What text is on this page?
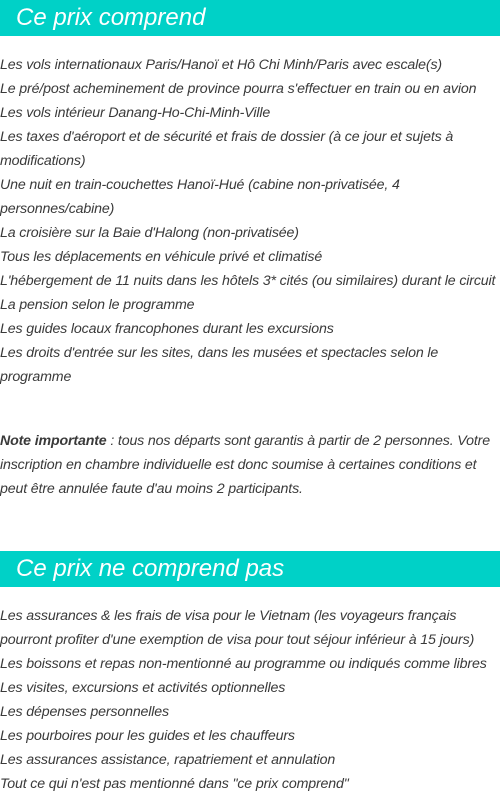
Ce prix comprend
Les vols internationaux Paris/Hanoï et Hô Chi Minh/Paris avec escale(s)
Le pré/post acheminement de province pourra s'effectuer en train ou en avion
Les vols intérieur Danang-Ho-Chi-Minh-Ville
Les taxes d'aéroport et de sécurité et frais de dossier (à ce jour et sujets à modifications)
Une nuit en train-couchettes Hanoï-Hué (cabine non-privatisée, 4 personnes/cabine)
La croisière sur la Baie d'Halong (non-privatisée)
Tous les déplacements en véhicule privé et climatisé
L'hébergement de 11 nuits dans les hôtels 3* cités (ou similaires) durant le circuit
La pension selon le programme
Les guides locaux francophones durant les excursions
Les droits d'entrée sur les sites, dans les musées et spectacles selon le programme

Note importante : tous nos départs sont garantis à partir de 2 personnes. Votre inscription en chambre individuelle est donc soumise à certaines conditions et peut être annulée faute d'au moins 2 participants.

Ce prix ne comprend pas
Les assurances & les frais de visa pour le Vietnam (les voyageurs français pourront profiter d'une exemption de visa pour tout séjour inférieur à 15 jours)
Les boissons et repas non-mentionné au programme ou indiqués comme libres
Les visites, excursions et activités optionnelles
Les dépenses personnelles
Les pourboires pour les guides et les chauffeurs
Les assurances assistance, rapatriement et annulation
Tout ce qui n'est pas mentionné dans "ce prix comprend"
